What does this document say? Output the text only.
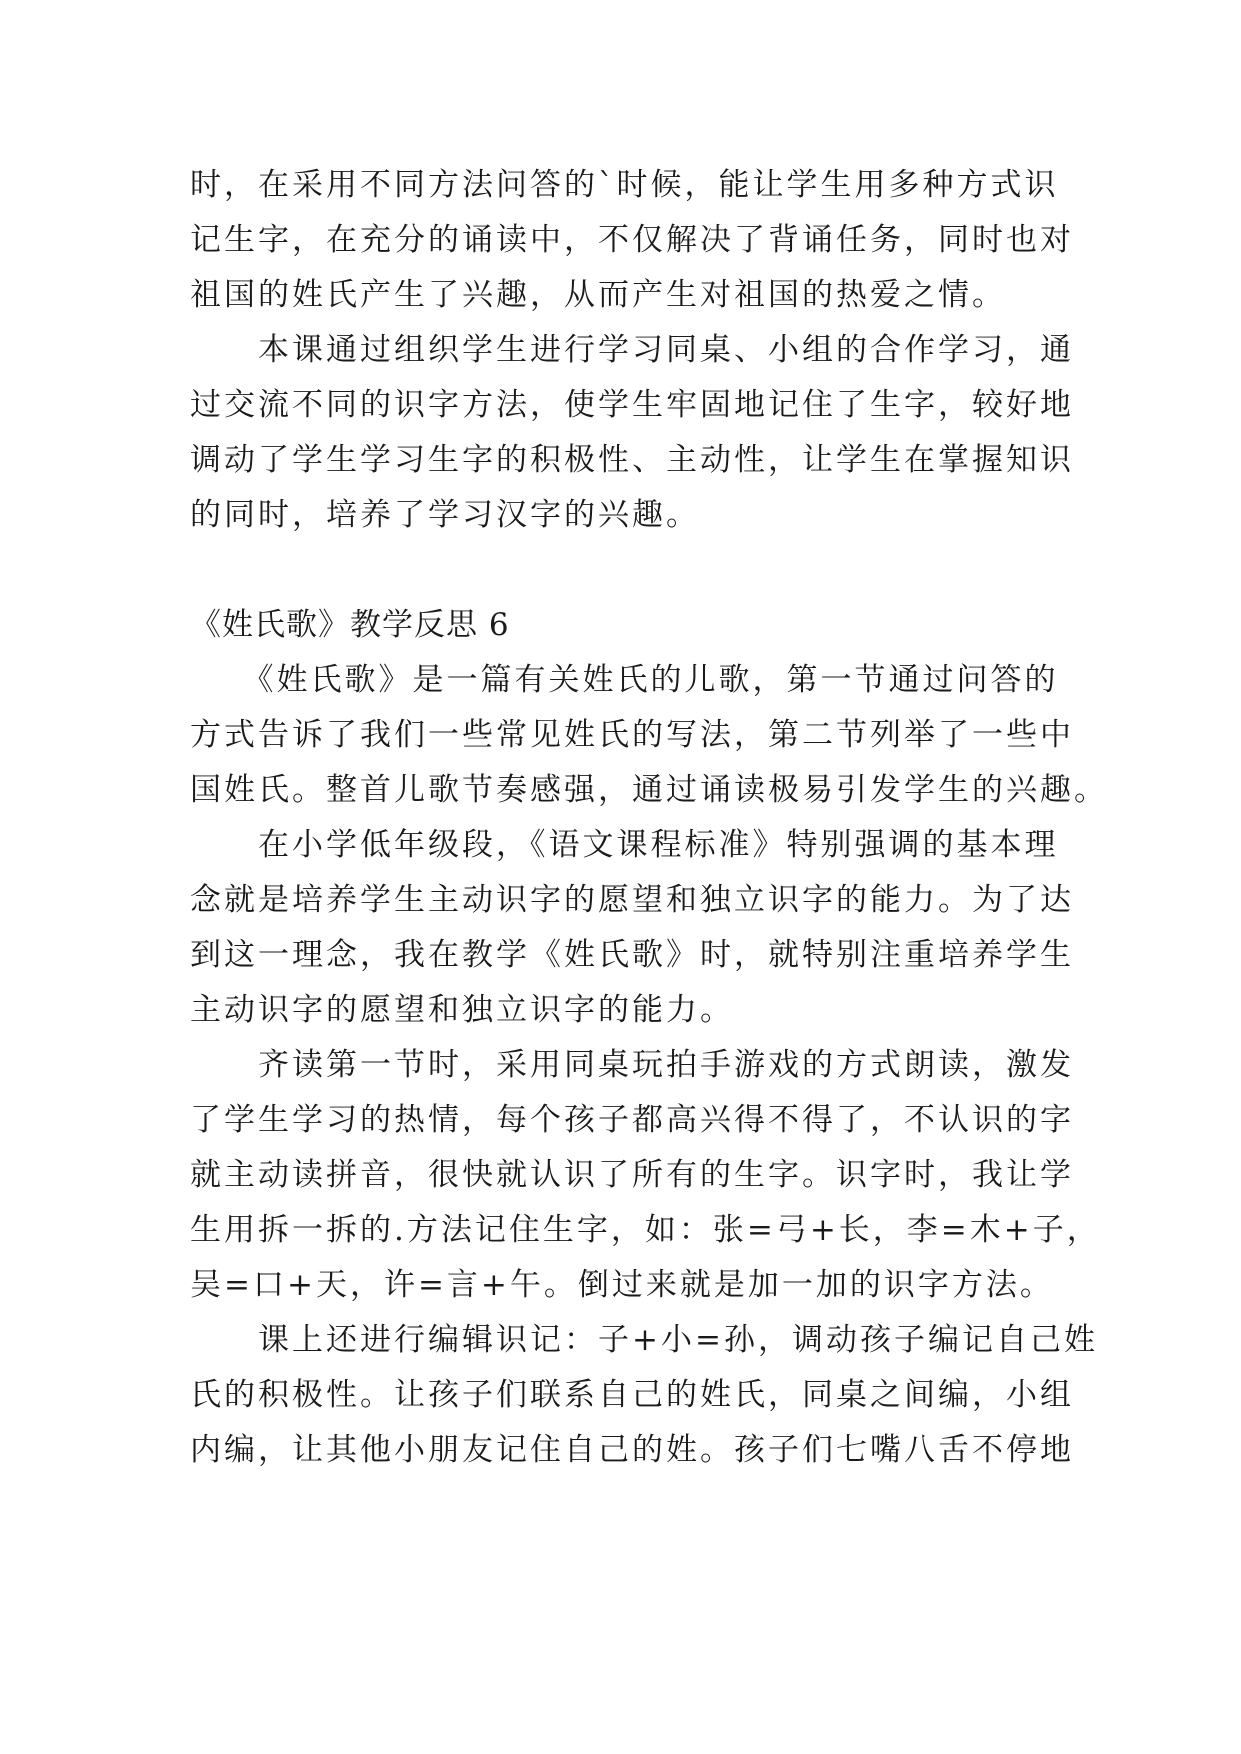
时，在采用不同方法问答的`时候，能让学生用多种方式识
记生字，在充分的诵读中，不仅解决了背诵任务，同时也对
祖国的姓氏产生了兴趣，从而产生对祖国的热爱之情。
　　本课通过组织学生进行学习同桌、小组的合作学习，通
过交流不同的识字方法，使学生牢固地记住了生字，较好地
调动了学生学习生字的积极性、主动性，让学生在掌握知识
的同时，培养了学习汉字的兴趣。
《姓氏歌》教学反思 6
　　《姓氏歌》是一篇有关姓氏的儿歌，第一节通过问答的
方式告诉了我们一些常见姓氏的写法，第二节列举了一些中
国姓氏。整首儿歌节奏感强，通过诵读极易引发学生的兴趣。
　　在小学低年级段，《语文课程标准》特别强调的基本理
念就是培养学生主动识字的愿望和独立识字的能力。为了达
到这一理念，我在教学《姓氏歌》时，就特别注重培养学生
主动识字的愿望和独立识字的能力。
　　齐读第一节时，采用同桌玩拍手游戏的方式朗读，激发
了学生学习的热情，每个孩子都高兴得不得了，不认识的字
就主动读拼音，很快就认识了所有的生字。识字时，我让学
生用拆一拆的.方法记住生字，如：张=弓+长，李=木+子，
吴=口+天，许=言+午。倒过来就是加一加的识字方法。
　　课上还进行编辑识记：子+小=孙，调动孩子编记自己姓
氏的积极性。让孩子们联系自己的姓氏，同桌之间编，小组
内编，让其他小朋友记住自己的姓。孩子们七嘴八舌不停地
